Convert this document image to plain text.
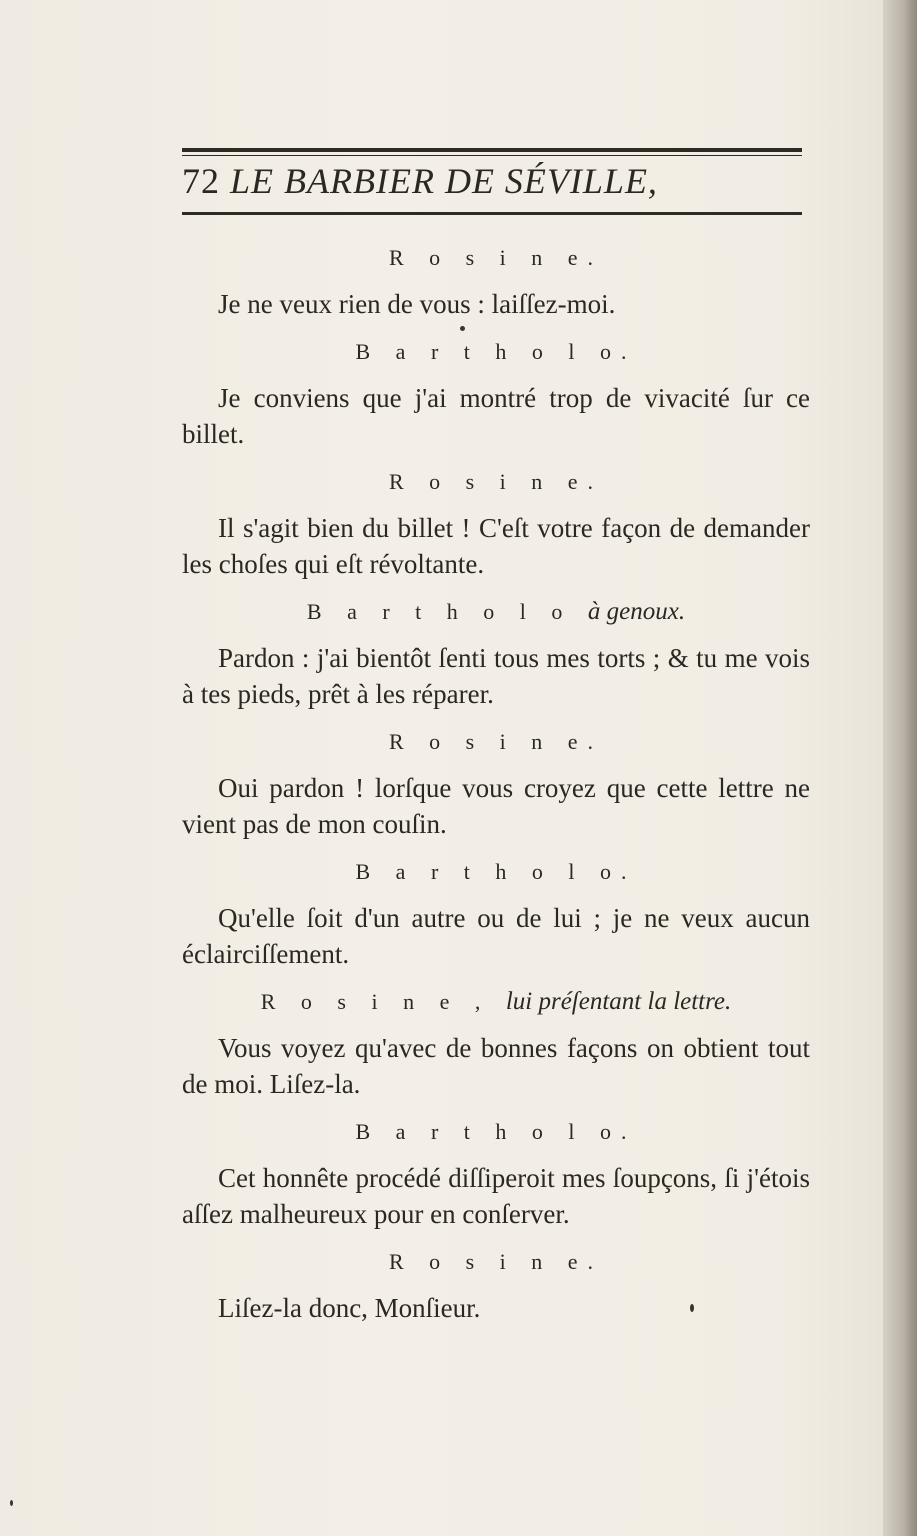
72 LE BARBIER DE SÉVILLE,
R o s i n e.
Je ne veux rien de vous : laiſſez-moi.
B a r t h o l o.
Je conviens que j'ai montré trop de vivacité ſur ce billet.
R o s i n e.
Il s'agit bien du billet ! C'eſt votre façon de demander les choſes qui eſt révoltante.
B a r t h o l o à genoux.
Pardon : j'ai bientôt ſenti tous mes torts ; & tu me vois à tes pieds, prêt à les réparer.
R o s i n e.
Oui pardon ! lorſque vous croyez que cette lettre ne vient pas de mon couſin.
B a r t h o l o.
Qu'elle ſoit d'un autre ou de lui ; je ne veux aucun éclairciſſement.
R o s i n e , lui préſentant la lettre.
Vous voyez qu'avec de bonnes façons on obtient tout de moi. Liſez-la.
B a r t h o l o.
Cet honnête procédé diſſiperoit mes ſoupçons, ſi j'étois aſſez malheureux pour en conſerver.
R o s i n e.
Liſez-la donc, Monſieur.
